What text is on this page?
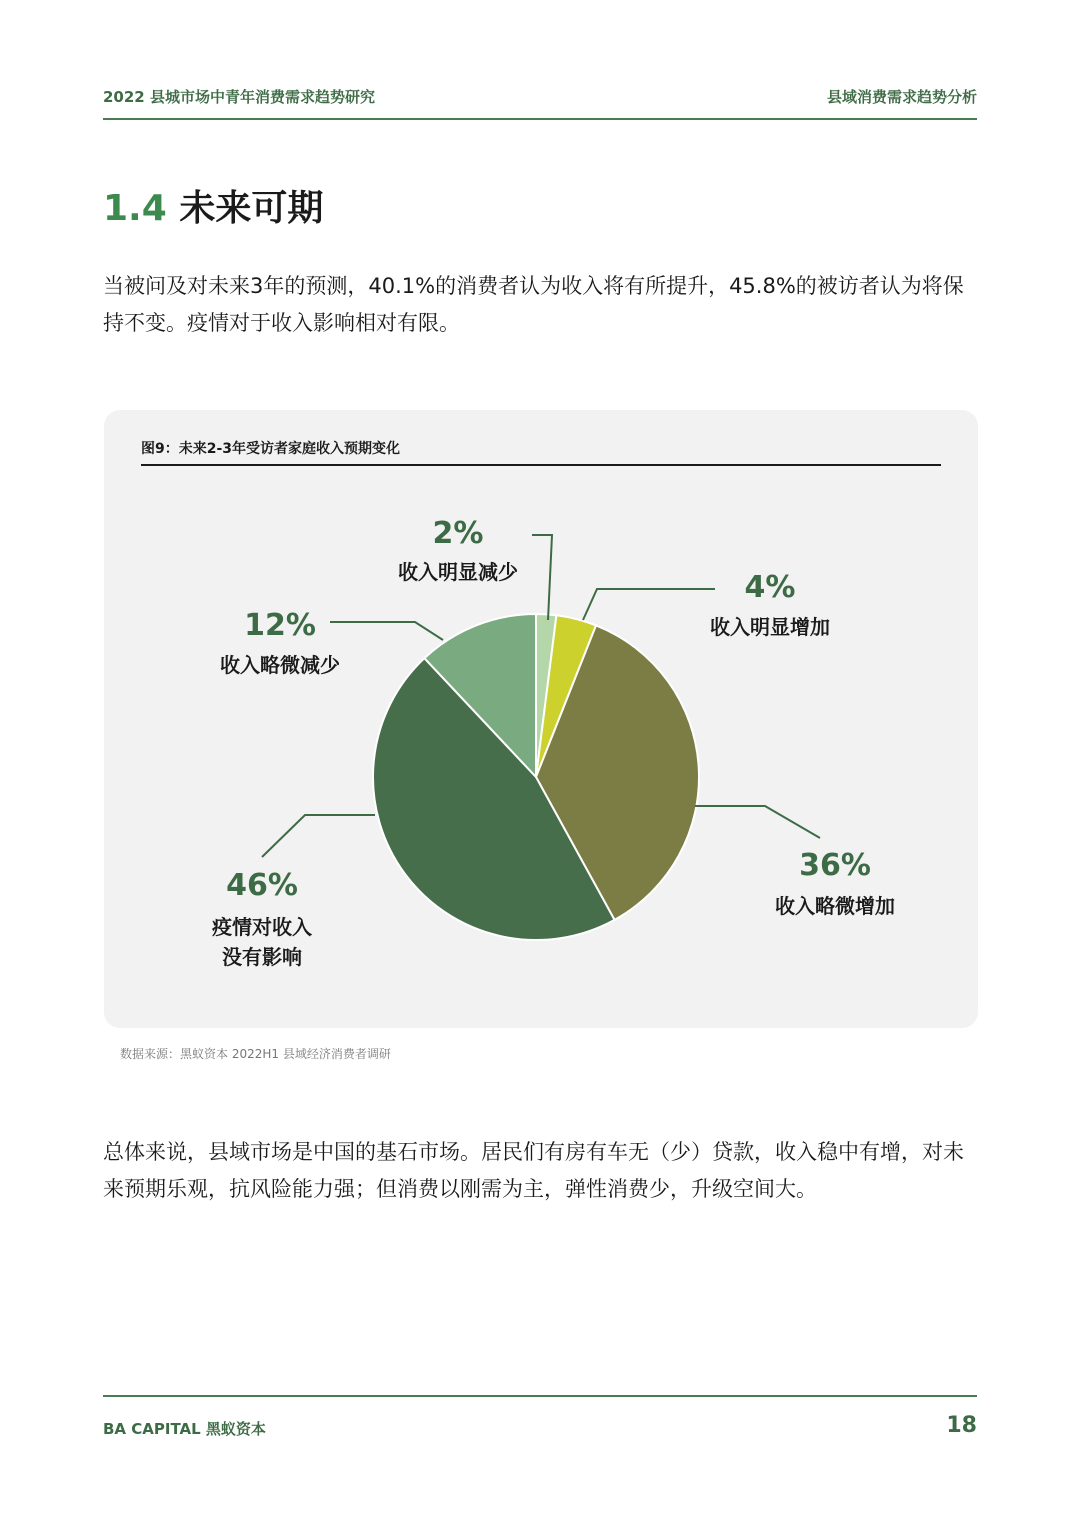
2022 县城市场中青年消费需求趋势研究	县域消费需求趋势分析
1.4 未来可期
当被问及对未来3年的预测，40.1%的消费者认为收入将有所提升，45.8%的被访者认为将保持不变。疫情对于收入影响相对有限。
图9：未来2-3年受访者家庭收入预期变化
2%
收入明显减少	4%
收入明显增加
36%
收入略微增加
46%
疫情对收入
没有影响
12%
收入略微减少
数据来源：黑蚁资本 2022H1 县域经济消费者调研
总体来说，县域市场是中国的基石市场。居民们有房有车无（少）贷款，收入稳中有增，对未来预期乐观，抗风险能力强；但消费以刚需为主，弹性消费少，升级空间大。
BA CAPITAL 黑蚁资本	18
